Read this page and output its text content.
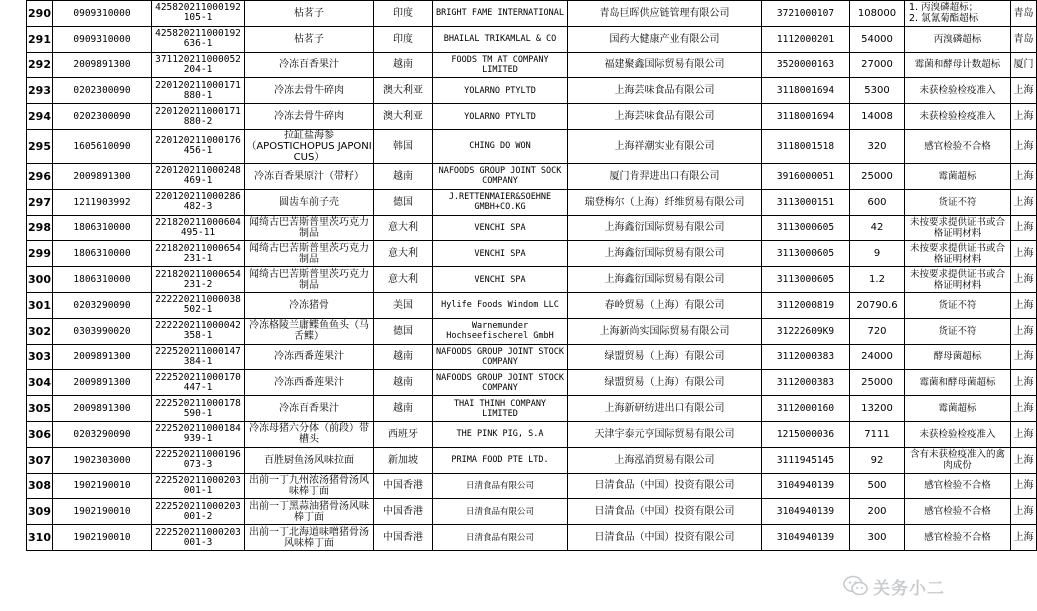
290	0909310000	425820211000192105-1	枯茗子	印度	BRIGHT FAME INTERNATIONAL	青岛巨晖供应链管理有限公司	3721000107	108000	1. 丙溴磷超标；
2. 氯氰菊酯超标	青岛
291	0909310000	425820211000192636-1	枯茗子	印度	BHAILAL TRIKAMLAL & CO	国药大健康产业有限公司	1112000201	54000	丙溴磷超标	青岛
292	2009891300	371120211000052204-1	冷冻百香果汁	越南	FOODS TM AT COMPANY LIMITED	福建聚鑫国际贸易有限公司	3520000163	27000	霉菌和酵母计数超标	厦门
293	0202300090	220120211000171880-1	冷冻去骨牛碎肉	澳大利亚	YOLARNO PTYLTD	上海芸味食品有限公司	3118001694	5300	未获检验检疫准入	上海
294	0202300090	220120211000171880-2	冷冻去骨牛碎肉	澳大利亚	YOLARNO PTYLTD	上海芸味食品有限公司	3118001694	14008	未获检验检疫准入	上海
295	1605610090	220120211000176456-1	拉缸盐海参
（APOSTICHOPUS JAPONICUS）	韩国	CHING DO WON	上海祥潮实业有限公司	3118001518	320	感官检验不合格	上海
296	2009891300	220120211000248469-1	冷冻百香果原汁（带籽）	越南	NAFOODS GROUP JOINT SOCK COMPANY	厦门肯羿进出口有限公司	3916000051	25000	霉菌超标	上海
297	1211903992	220120211000286482-3	圆齿车前子壳	德国	J.RETTENMAIER&SOEHNE GMBH+CO.KG	瑞登梅尔（上海）纤维贸易有限公司	3113000151	600	货证不符	上海
298	1806310000	221820211000604495-11	闻绮古巴苦斯普里茨巧克力制品	意大利	VENCHI SPA	上海鑫衍国际贸易有限公司	3113000605	42	未按要求提供证书或合格证明材料	上海
299	1806310000	221820211000654231-1	闻绮古巴苦斯普里茨巧克力制品	意大利	VENCHI SPA	上海鑫衍国际贸易有限公司	3113000605	9	未按要求提供证书或合格证明材料	上海
300	1806310000	221820211000654231-2	闻绮古巴苦斯普里茨巧克力制品	意大利	VENCHI SPA	上海鑫衍国际贸易有限公司	3113000605	1.2	未按要求提供证书或合格证明材料	上海
301	0203290090	222220211000038502-1	冷冻猪骨	美国	Hylife Foods Windom LLC	春岭贸易（上海）有限公司	3112000819	20790.6	货证不符	上海
302	0303990020	222220211000042358-1	冷冻格陵兰庸鲽鱼鱼头（马舌鲽）	德国	Warnemunder Hochseefischerel GmbH	上海新尚实国际贸易有限公司	31222609K9	720	货证不符	上海
303	2009891300	222520211000147384-1	冷冻西番莲果汁	越南	NAFOODS GROUP JOINT STOCK COMPANY	绿盟贸易（上海）有限公司	3112000383	24000	酵母菌超标	上海
304	2009891300	222520211000170447-1	冷冻西番莲果汁	越南	NAFOODS GROUP JOINT STOCK COMPANY	绿盟贸易（上海）有限公司	3112000383	25000	霉菌和酵母菌超标	上海
305	2009891300	222520211000178590-1	冷冻百香果汁	越南	THAI THINH COMPANY LIMITED	上海新研纺进出口有限公司	3112000160	13200	霉菌超标	上海
306	0203290090	222520211000184939-1	冷冻母猪六分体（前段）带槽头	西班牙	THE PINK PIG, S.A	天津宇泰元亨国际贸易有限公司	1215000036	7111	未获检验检疫准入	上海
307	1902303000	222520211000196073-3	百胜厨鱼汤风味拉面	新加坡	PRIMA FOOD PTE LTD.	上海泓消贸易有限公司	3111945145	92	含有未获检疫准入的禽肉成份	上海
308	1902190010	222520211000203001-1	出前一丁九州浓汤猪骨汤风味棒丁面	中国香港	日清食品有限公司	日清食品（中国）投资有限公司	3104940139	500	感官检验不合格	上海
309	1902190010	222520211000203001-2	出前一丁黑蒜油猪骨汤风味棒丁面	中国香港	日清食品有限公司	日清食品（中国）投资有限公司	3104940139	200	感官检验不合格	上海
310	1902190010	222520211000203001-3	出前一丁北海道味噌猪骨汤风味棒丁面	中国香港	日清食品有限公司	日清食品（中国）投资有限公司	3104940139	300	感官检验不合格	上海
关务小二
